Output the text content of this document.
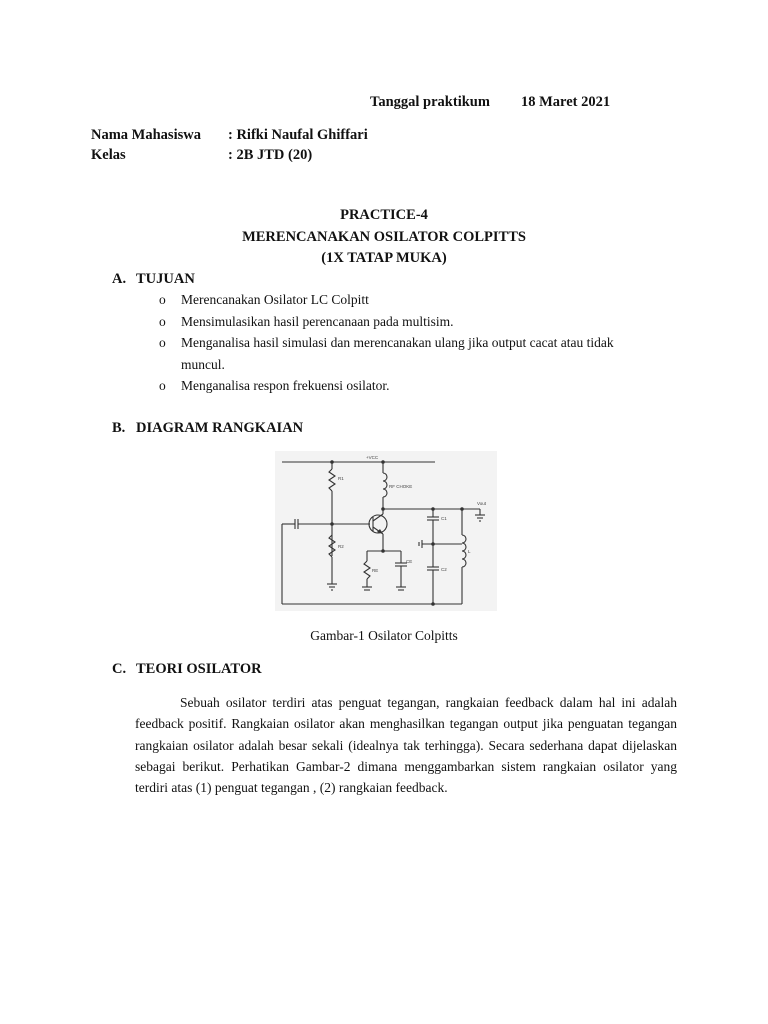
Tanggal praktikum 18 Maret 2021
Nama Mahasiswa : Rifki Naufal Ghiffari
Kelas	: 2B JTD (20)
PRACTICE-4
MERENCANAKAN OSILATOR COLPITTS
(1X TATAP MUKA)
A. TUJUAN
o Merencanakan Osilator LC Colpitt
o Mensimulasikan hasil perencanaan pada multisim.
o Menganalisa hasil simulasi dan merencanakan ulang jika output cacat atau tidak
muncul.
o Menganalisa respon frekuensi osilator.
B. DIAGRAM RANGKAIAN
+VCC
R1
R2
RE
CE
RF CHOKE
C1
C2
L
Vout
Gambar-1 Osilator Colpitts
C. TEORI OSILATOR
Sebuah osilator terdiri atas penguat tegangan, rangkaian feedback dalam hal ini adalah feedback positif. Rangkaian osilator akan menghasilkan tegangan output jika penguatan tegangan rangkaian osilator adalah besar sekali (idealnya tak terhingga). Secara sederhana dapat dijelaskan sebagai berikut. Perhatikan Gambar-2 dimana menggambarkan sistem rangkaian osilator yang terdiri atas (1) penguat tegangan , (2) rangkaian feedback.
